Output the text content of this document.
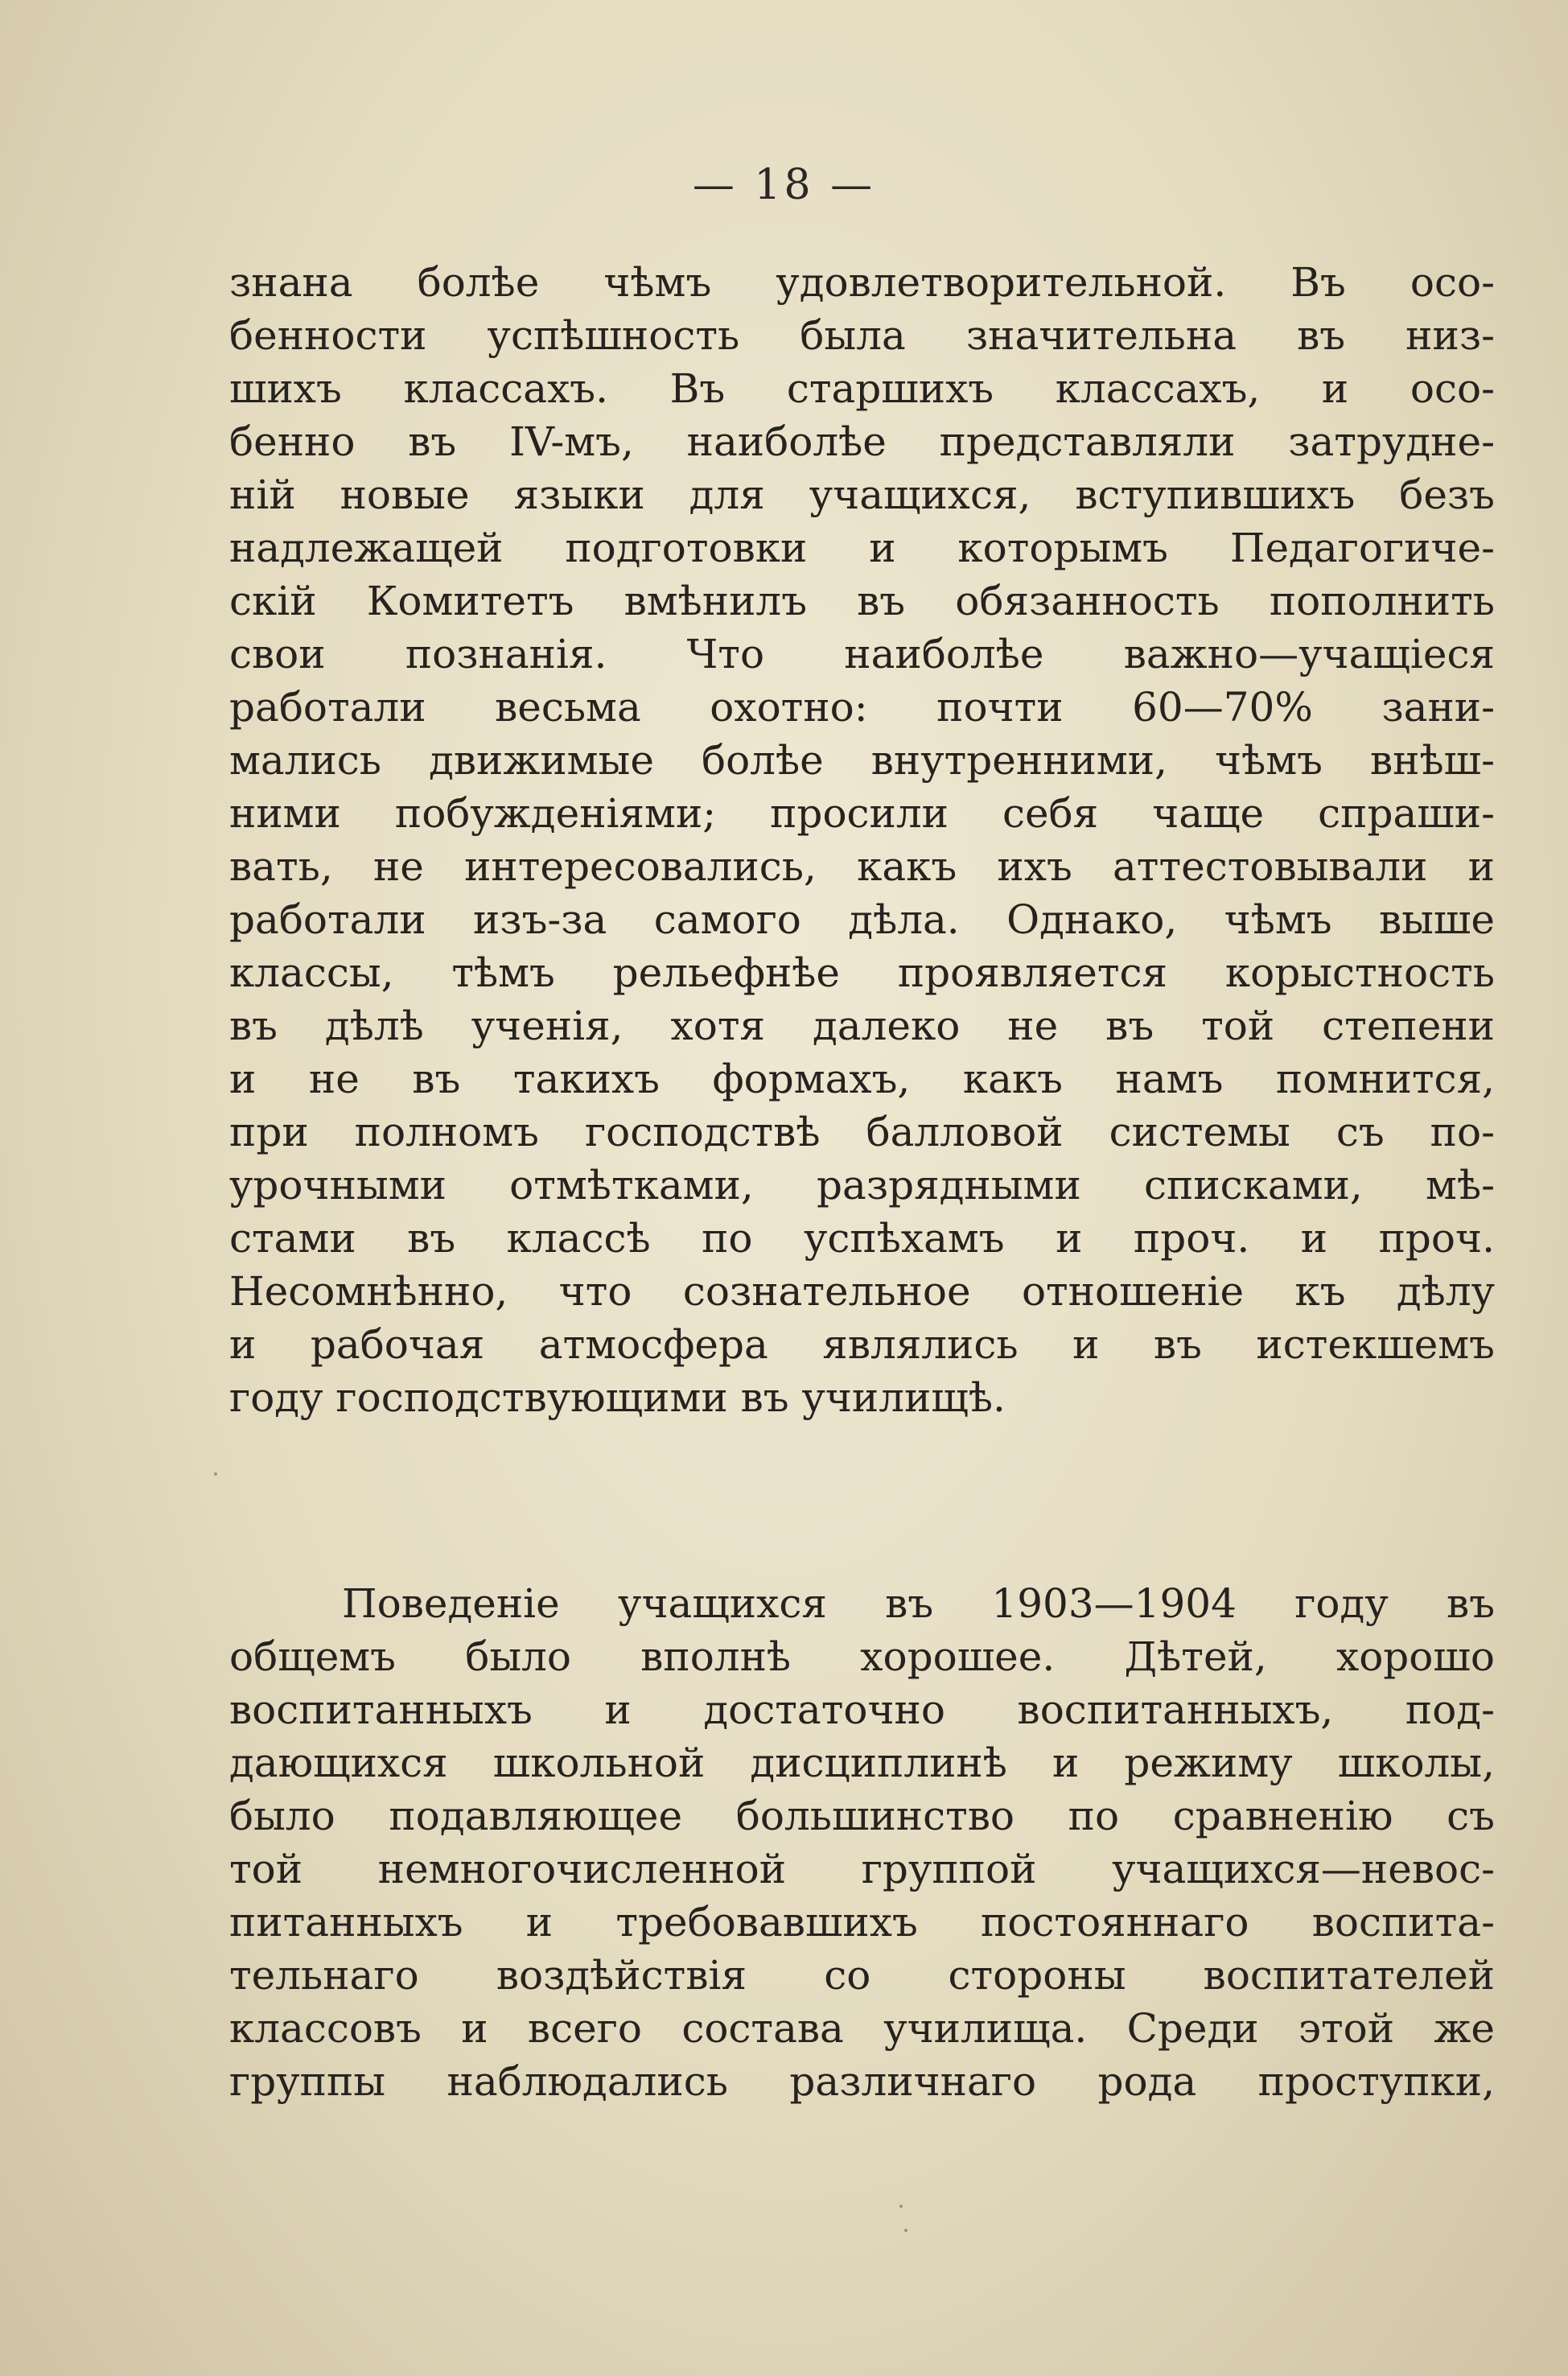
— 18 —
знана болѣе чѣмъ удовлетворительной. Въ осо-
бенности успѣшность была значительна въ низ-
шихъ классахъ. Въ старшихъ классахъ, и осо-
бенно въ IV-мъ, наиболѣе представляли затрудне-
ній новые языки для учащихся, вступившихъ безъ
надлежащей подготовки и которымъ Педагогиче-
скій Комитетъ вмѣнилъ въ обязанность пополнить
свои познанія. Что наиболѣе важно—учащіеся
работали весьма охотно: почти 60—70% зани-
мались движимые болѣе внутренними, чѣмъ внѣш-
ними побужденіями; просили себя чаще спраши-
вать, не интересовались, какъ ихъ аттестовывали и
работали изъ-за самого дѣла. Однако, чѣмъ выше
классы, тѣмъ рельефнѣе проявляется корыстность
въ дѣлѣ ученія, хотя далеко не въ той степени
и не въ такихъ формахъ, какъ намъ помнится,
при полномъ господствѣ балловой системы съ по-
урочными отмѣтками, разрядными списками, мѣ-
стами въ классѣ по успѣхамъ и проч. и проч.
Несомнѣнно, что сознательное отношеніе къ дѣлу
и рабочая атмосфера являлись и въ истекшемъ
году господствующими въ училищѣ.
Поведеніе учащихся въ 1903—1904 году въ
общемъ было вполнѣ хорошее. Дѣтей, хорошо
воспитанныхъ и достаточно воспитанныхъ, под-
дающихся школьной дисциплинѣ и режиму школы,
было подавляющее большинство по сравненію съ
той немногочисленной группой учащихся—невос-
питанныхъ и требовавшихъ постояннаго воспита-
тельнаго воздѣйствія со стороны воспитателей
классовъ и всего состава училища. Среди этой же
группы наблюдались различнаго рода проступки,
